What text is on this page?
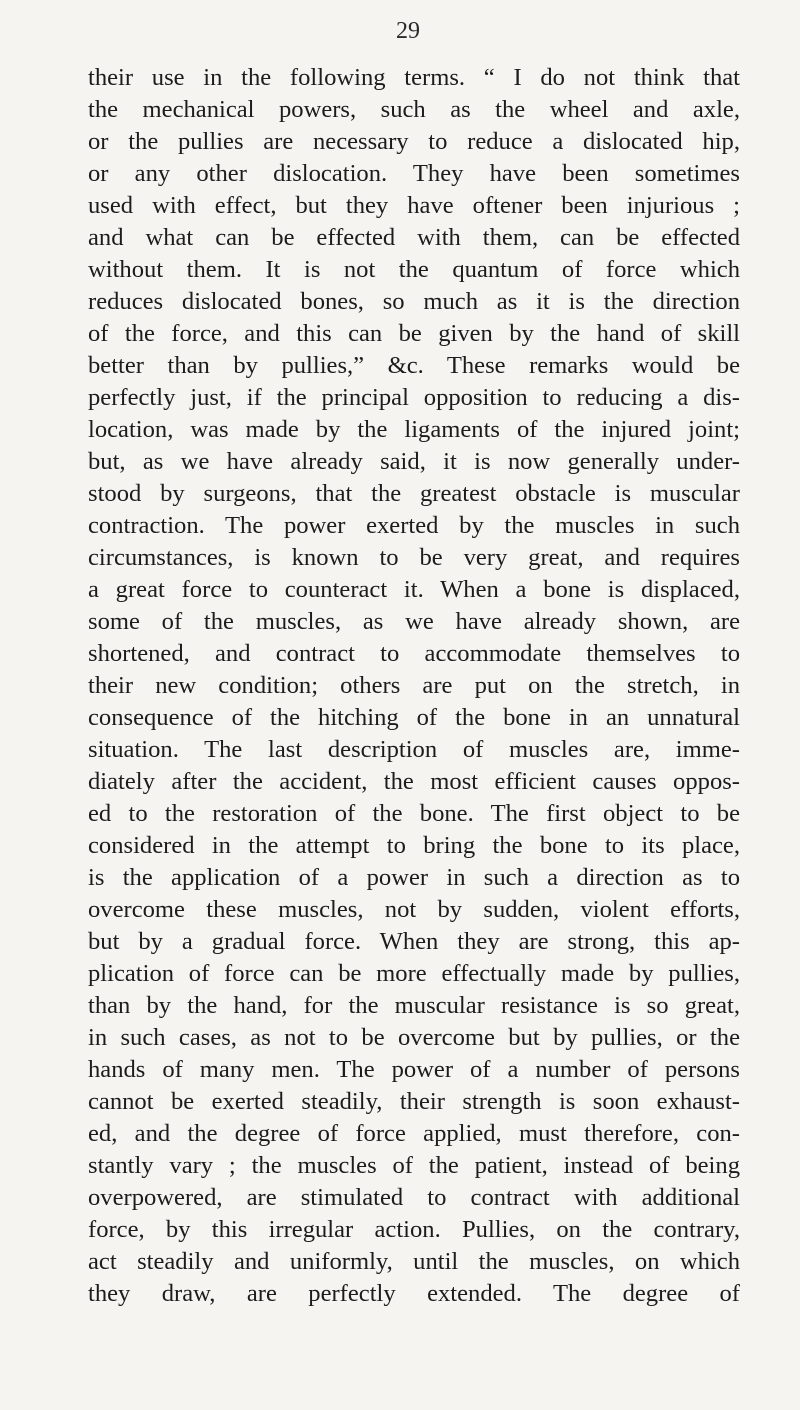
29
their use in the following terms. “ I do not think that
the mechanical powers, such as the wheel and axle,
or the pullies are necessary to reduce a dislocated hip,
or any other dislocation. They have been sometimes
used with effect, but they have oftener been injurious ;
and what can be effected with them, can be effected
without them. It is not the quantum of force which
reduces dislocated bones, so much as it is the direction
of the force, and this can be given by the hand of skill
better than by pullies,” &c. These remarks would be
perfectly just, if the principal opposition to reducing a dis-
location, was made by the ligaments of the injured joint;
but, as we have already said, it is now generally under-
stood by surgeons, that the greatest obstacle is muscular
contraction. The power exerted by the muscles in such
circumstances, is known to be very great, and requires
a great force to counteract it. When a bone is displaced,
some of the muscles, as we have already shown, are
shortened, and contract to accommodate themselves to
their new condition; others are put on the stretch, in
consequence of the hitching of the bone in an unnatural
situation. The last description of muscles are, imme-
diately after the accident, the most efficient causes oppos-
ed to the restoration of the bone. The first object to be
considered in the attempt to bring the bone to its place,
is the application of a power in such a direction as to
overcome these muscles, not by sudden, violent efforts,
but by a gradual force. When they are strong, this ap-
plication of force can be more effectually made by pullies,
than by the hand, for the muscular resistance is so great,
in such cases, as not to be overcome but by pullies, or the
hands of many men. The power of a number of persons
cannot be exerted steadily, their strength is soon exhaust-
ed, and the degree of force applied, must therefore, con-
stantly vary ; the muscles of the patient, instead of being
overpowered, are stimulated to contract with additional
force, by this irregular action. Pullies, on the contrary,
act steadily and uniformly, until the muscles, on which
they draw, are perfectly extended. The degree of
